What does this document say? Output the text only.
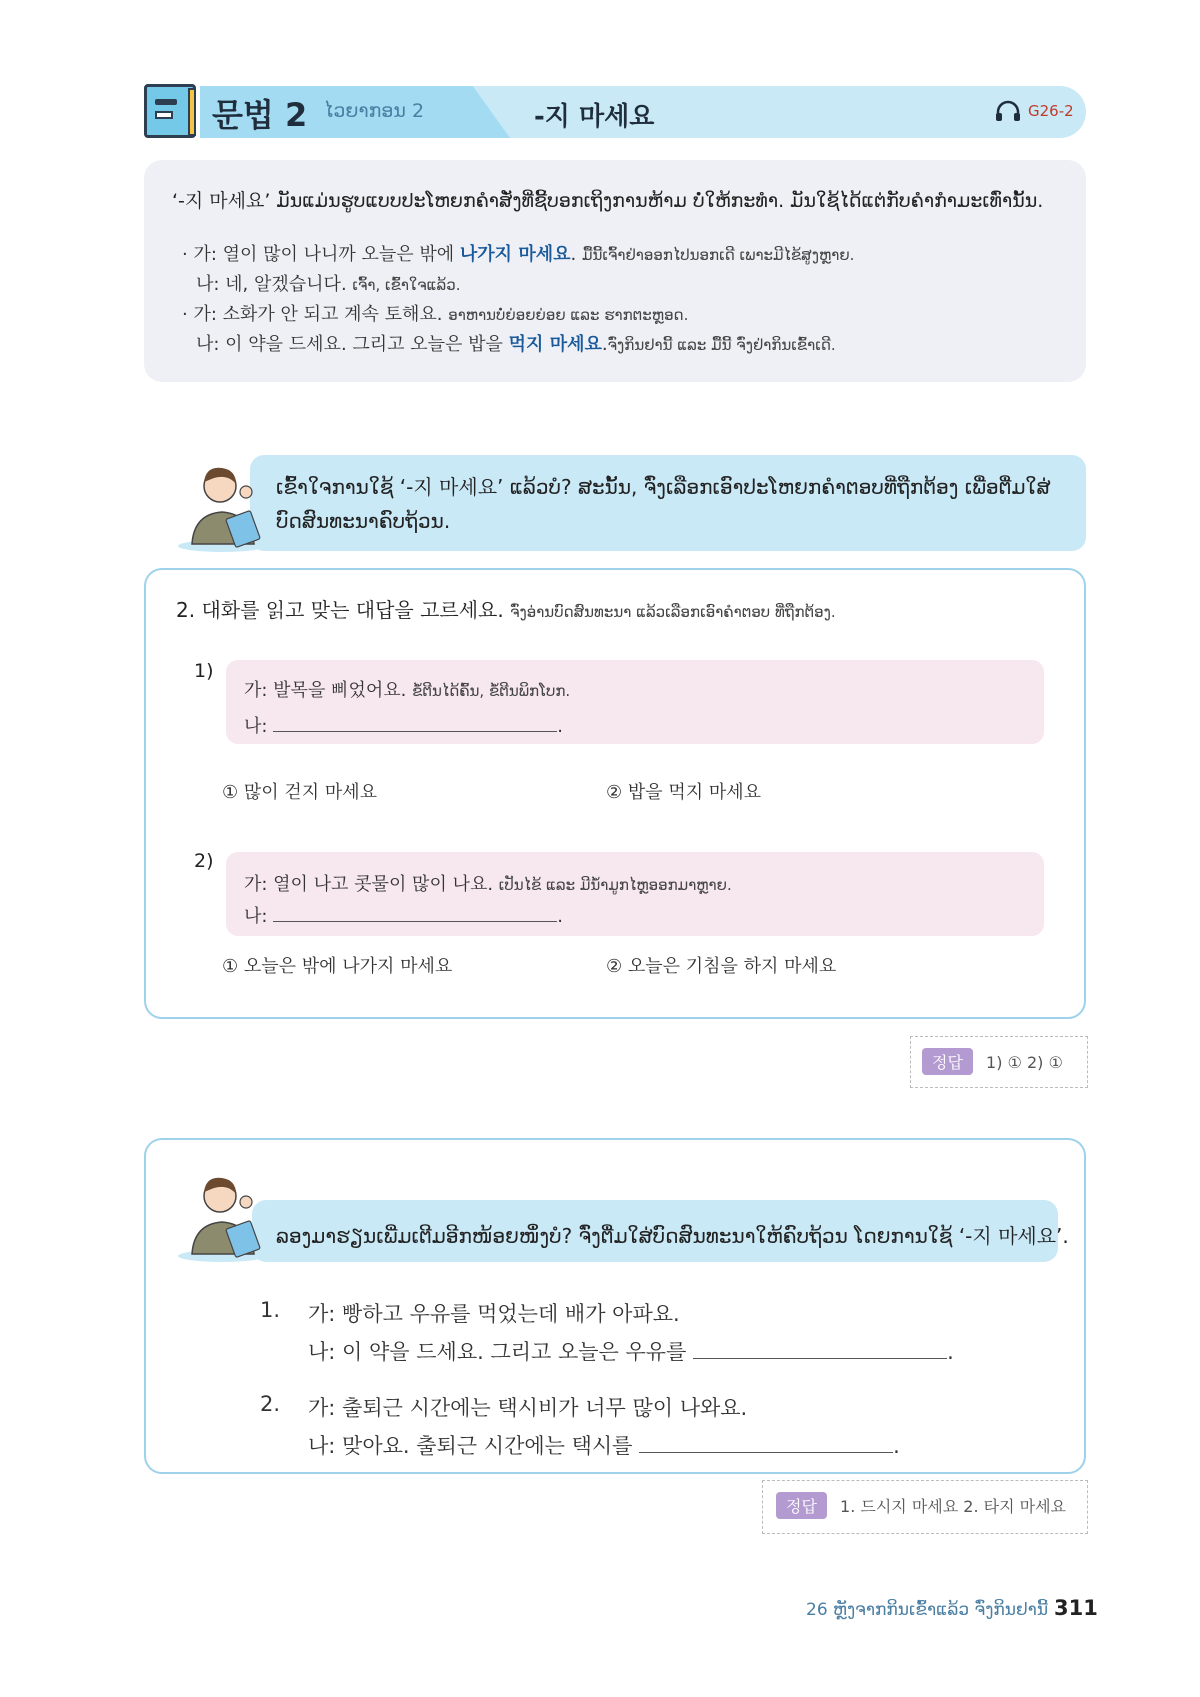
문법 2 ໄວຍາກອນ 2	-지 마세요	G26-2
‘-지 마세요’ ມັນແມ່ນຮູບແບບປະໂຫຍກຄຳສັ່ງທີ່ຊີ້ບອກເຖິງການຫ້າມ ບໍ່ໃຫ້ກະທຳ. ມັນໃຊ້ໄດ້ແຕ່ກັບຄຳກຳມະເທົ່ານັ້ນ.
· 가: 열이 많이 나니까 오늘은 밖에 나가지 마세요. ມື້ນີ້ເຈົ້າຢ່າອອກໄປນອກເດີ ເພາະມີໄຂ້ສູງຫຼາຍ.
나: 네, 알겠습니다. ເຈົ້າ, ເຂົ້າໃຈແລ້ວ.
· 가: 소화가 안 되고 계속 토해요. ອາຫານບໍ່ຍ່ອຍຍ່ອຍ ແລະ ຮາກຕະຫຼອດ.
나: 이 약을 드세요. 그리고 오늘은 밥을 먹지 마세요.ຈົ່ງກິນຢານີ້ ແລະ ມື້ນີ້ ຈົ່ງຢ່າກິນເຂົ້າເດີ.
ເຂົ້າໃຈການໃຊ້ ‘-지 마세요’ ແລ້ວບໍ? ສະນັ້ນ, ຈົ່ງເລືອກເອົາປະໂຫຍກຄຳຕອບທີ່ຖືກຕ້ອງ ເພື່ອຕື່ມໃສ່ບົດສົນທະນາຄົບຖ້ວນ.
2. 대화를 읽고 맞는 대답을 고르세요. ຈົ່ງອ່ານບົດສົນທະນາ ແລ້ວເລືອກເອົາຄຳຕອບ ທີ່ຖືກຕ້ອງ.
1)
가: 발목을 삐었어요. ຂໍ້ຕີນໄດ້ຄົ້ນ, ຂໍ້ຕີນພິກໂບກ.
나:	.
① 많이 걷지 마세요	② 밥을 먹지 마세요
2)
가: 열이 나고 콧물이 많이 나요. ເປັນໄຂ້ ແລະ ມີນ້ຳມູກໄຫຼອອກມາຫຼາຍ.
나:	.
① 오늘은 밖에 나가지 마세요	② 오늘은 기침을 하지 마세요
정답 1) ① 2) ①
ລອງມາຮຽນເພີ່ມເຕີມອີກໜ້ອຍໜຶ່ງບໍ? ຈົ່ງຕື່ມໃສ່ບົດສົນທະນາໃຫ້ຄົບຖ້ວນ ໂດຍການໃຊ້ ‘-지 마세요’.
1. 가: 빵하고 우유를 먹었는데 배가 아파요.
나: 이 약을 드세요. 그리고 오늘은 우유를	.
2. 가: 출퇴근 시간에는 택시비가 너무 많이 나와요.
나: 맞아요. 출퇴근 시간에는 택시를	.
정답 1. 드시지 마세요 2. 타지 마세요
26 ຫຼັງຈາກກິນເຂົ້າແລ້ວ ຈົ່ງກິນຢານີ້ 311
